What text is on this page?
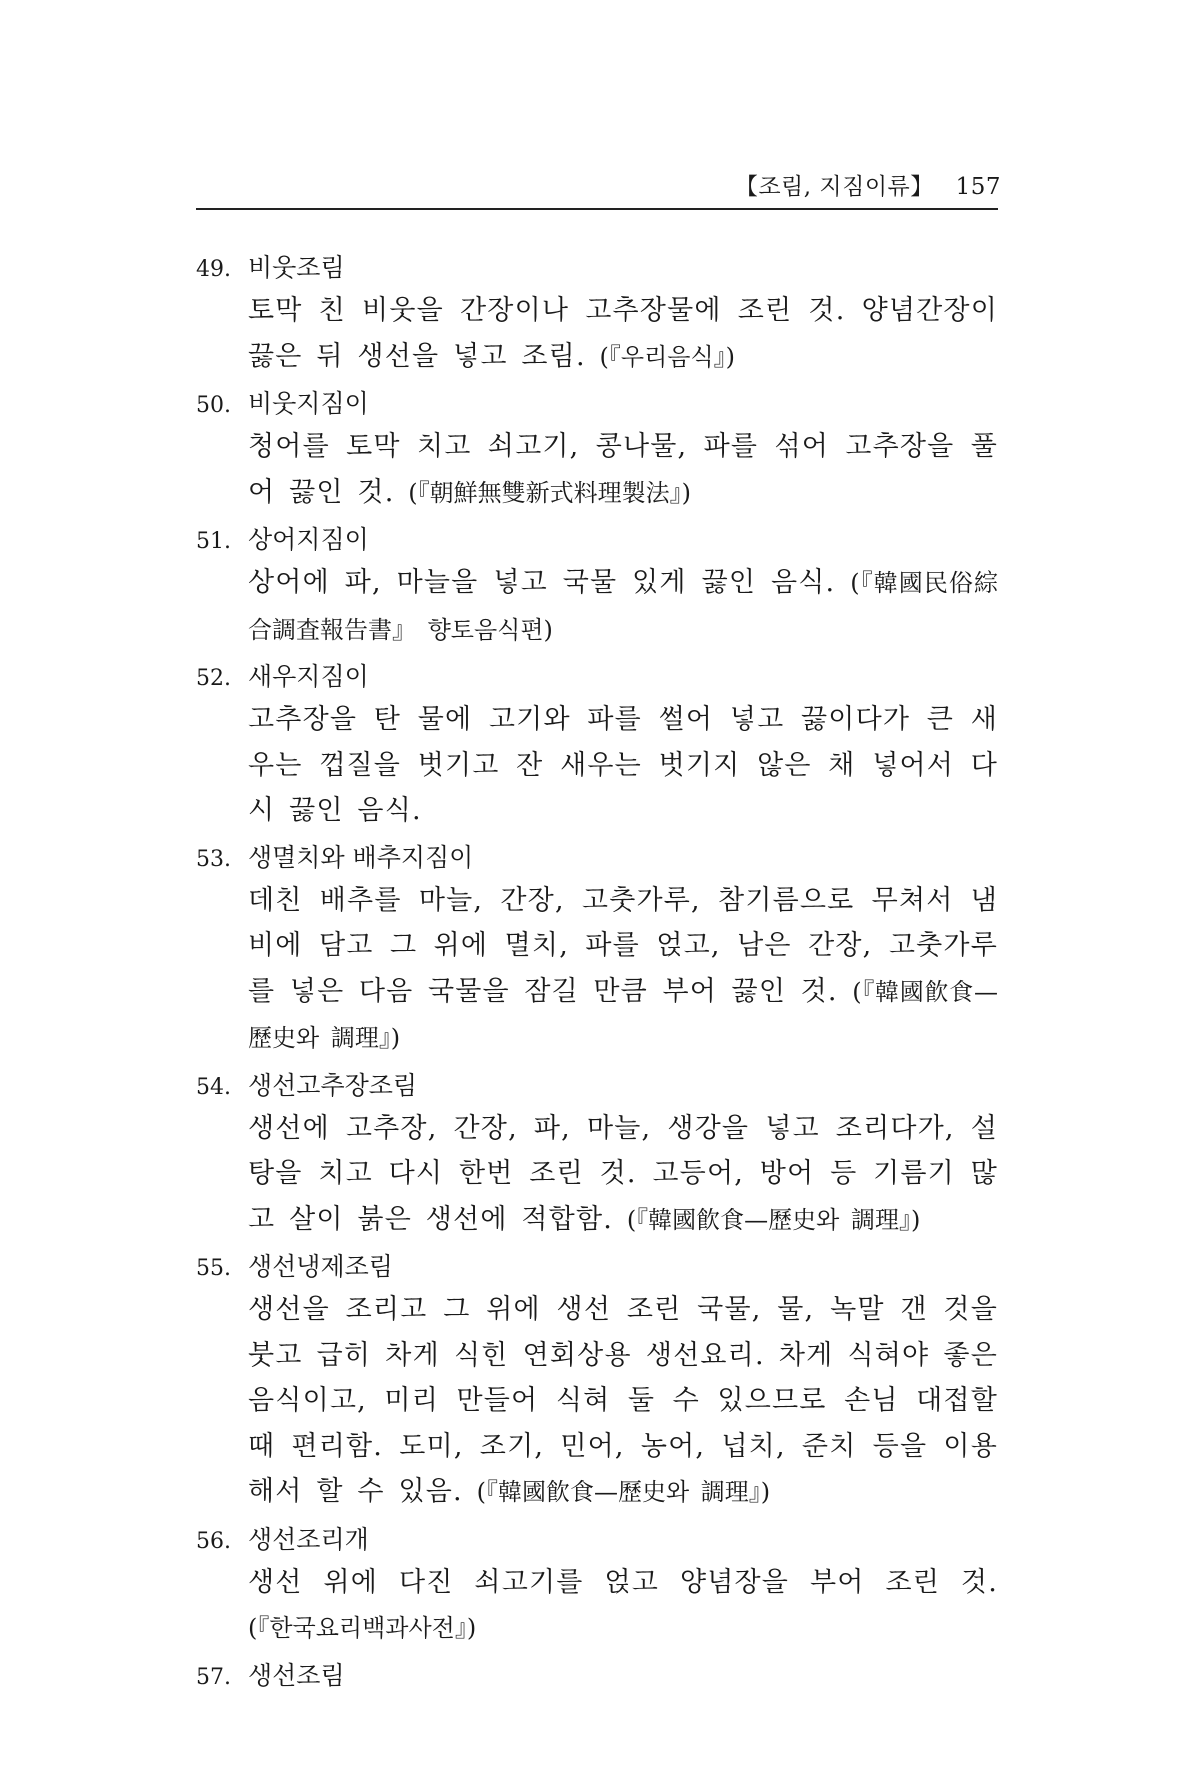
【조림, 지짐이류】 157
49. 비웃조림
토막 친 비웃을 간장이나 고추장물에 조린 것. 양념간장이 끓은 뒤 생선을 넣고 조림. (『우리음식』)
50. 비웃지짐이
청어를 토막 치고 쇠고기, 콩나물, 파를 섞어 고추장을 풀어 끓인 것. (『朝鮮無雙新式料理製法』)
51. 상어지짐이
상어에 파, 마늘을 넣고 국물 있게 끓인 음식. (『韓國民俗綜合調査報告書』 향토음식편)
52. 새우지짐이
고추장을 탄 물에 고기와 파를 썰어 넣고 끓이다가 큰 새우는 껍질을 벗기고 잔 새우는 벗기지 않은 채 넣어서 다시 끓인 음식.
53. 생멸치와 배추지짐이
데친 배추를 마늘, 간장, 고춧가루, 참기름으로 무쳐서 냄비에 담고 그 위에 멸치, 파를 얹고, 남은 간장, 고춧가루를 넣은 다음 국물을 잠길 만큼 부어 끓인 것. (『韓國飮食—歷史와 調理』)
54. 생선고추장조림
생선에 고추장, 간장, 파, 마늘, 생강을 넣고 조리다가, 설탕을 치고 다시 한번 조린 것. 고등어, 방어 등 기름기 많고 살이 붉은 생선에 적합함. (『韓國飮食—歷史와 調理』)
55. 생선냉제조림
생선을 조리고 그 위에 생선 조린 국물, 물, 녹말 갠 것을 붓고 급히 차게 식힌 연회상용 생선요리. 차게 식혀야 좋은 음식이고, 미리 만들어 식혀 둘 수 있으므로 손님 대접할 때 편리함. 도미, 조기, 민어, 농어, 넙치, 준치 등을 이용해서 할 수 있음. (『韓國飮食—歷史와 調理』)
56. 생선조리개
생선 위에 다진 쇠고기를 얹고 양념장을 부어 조린 것. (『한국요리백과사전』)
57. 생선조림
